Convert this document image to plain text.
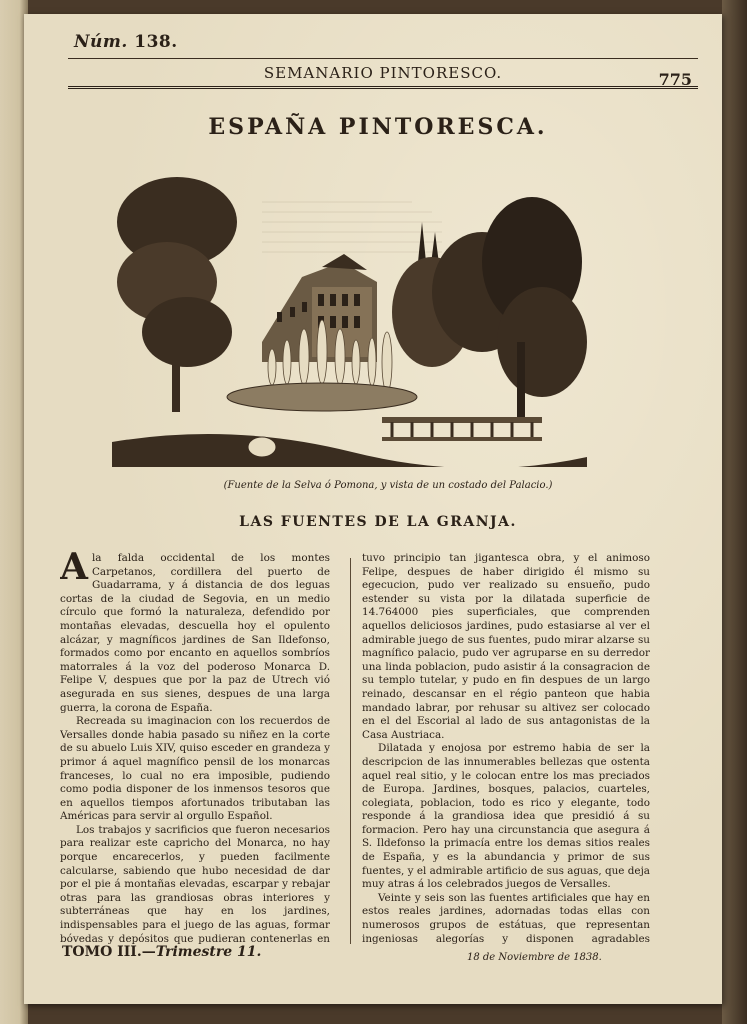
Núm. 138.
SEMANARIO PINTORESCO.	775
ESPAÑA PINTORESCA.
(Fuente de la Selva ó Pomona, y vista de un costado del Palacio.)
LAS FUENTES DE LA GRANJA.

Ala falda occidental de los montes Carpetanos, cordillera del puerto de Guadarrama, y á distancia de dos leguas cortas de la ciudad de Segovia, en un medio círculo que formó la naturaleza, defendido por montañas elevadas, descuella hoy el opulento alcázar, y magníficos jardines de San Ildefonso, formados como por encanto en aquellos sombríos matorrales á la voz del poderoso Monarca D. Felipe V, despues que por la paz de Utrech vió asegurada en sus sienes, despues de una larga guerra, la corona de España.

Recreada su imaginacion con los recuerdos de Versalles donde habia pasado su niñez en la corte de su abuelo Luis XIV, quiso esceder en grandeza y primor á aquel magnífico pensil de los monarcas franceses, lo cual no era imposible, pudiendo como podia disponer de los inmensos tesoros que en aquellos tiempos afortunados tributaban las Américas para servir al orgullo Español.

Los trabajos y sacrificios que fueron necesarios para realizar este capricho del Monarca, no hay porque encarecerlos, y pueden facilmente calcularse, sabiendo que hubo necesidad de dar por el pie á montañas elevadas, escarpar y rebajar otras para las grandiosas obras interiores y subterráneas que hay en los jardines, indispensables para el juego de las aguas, formar bóvedas y depósitos que pudieran contenerlas en

tuvo principio tan jigantesca obra, y el animoso Felipe, despues de haber dirigido él mismo su egecucion, pudo ver realizado su ensueño, pudo estender su vista por la dilatada superficie de 14.764000 pies superficiales, que comprenden aquellos deliciosos jardines, pudo estasiarse al ver el admirable juego de sus fuentes, pudo mirar alzarse su magnífico palacio, pudo ver agruparse en su derredor una linda poblacion, pudo asistir á la consagracion de su templo tutelar, y pudo en fin despues de un largo reinado, descansar en el régio panteon que habia mandado labrar, por rehusar su altivez ser colocado en el del Escorial al lado de sus antagonistas de la Casa Austriaca.

Dilatada y enojosa por estremo habia de ser la descripcion de las innumerables bellezas que ostenta aquel real sitio, y le colocan entre los mas preciados de Europa. Jardines, bosques, palacios, cuarteles, colegiata, poblacion, todo es rico y elegante, todo responde á la grandiosa idea que presidió á su formacion. Pero hay una circunstancia que asegura á S. Ildefonso la primacía entre los demas sitios reales de España, y es la abundancia y primor de sus fuentes, y el admirable artificio de sus aguas, que deja muy atras á los celebrados juegos de Versalles.

Veinte y seis son las fuentes artificiales que hay en estos reales jardines, adornadas todas ellas con numerosos grupos de estátuas, que representan ingeniosas alegorías y disponen agradables

TOMO III.—Trimestre 11.	18 de Noviembre de 1838.
